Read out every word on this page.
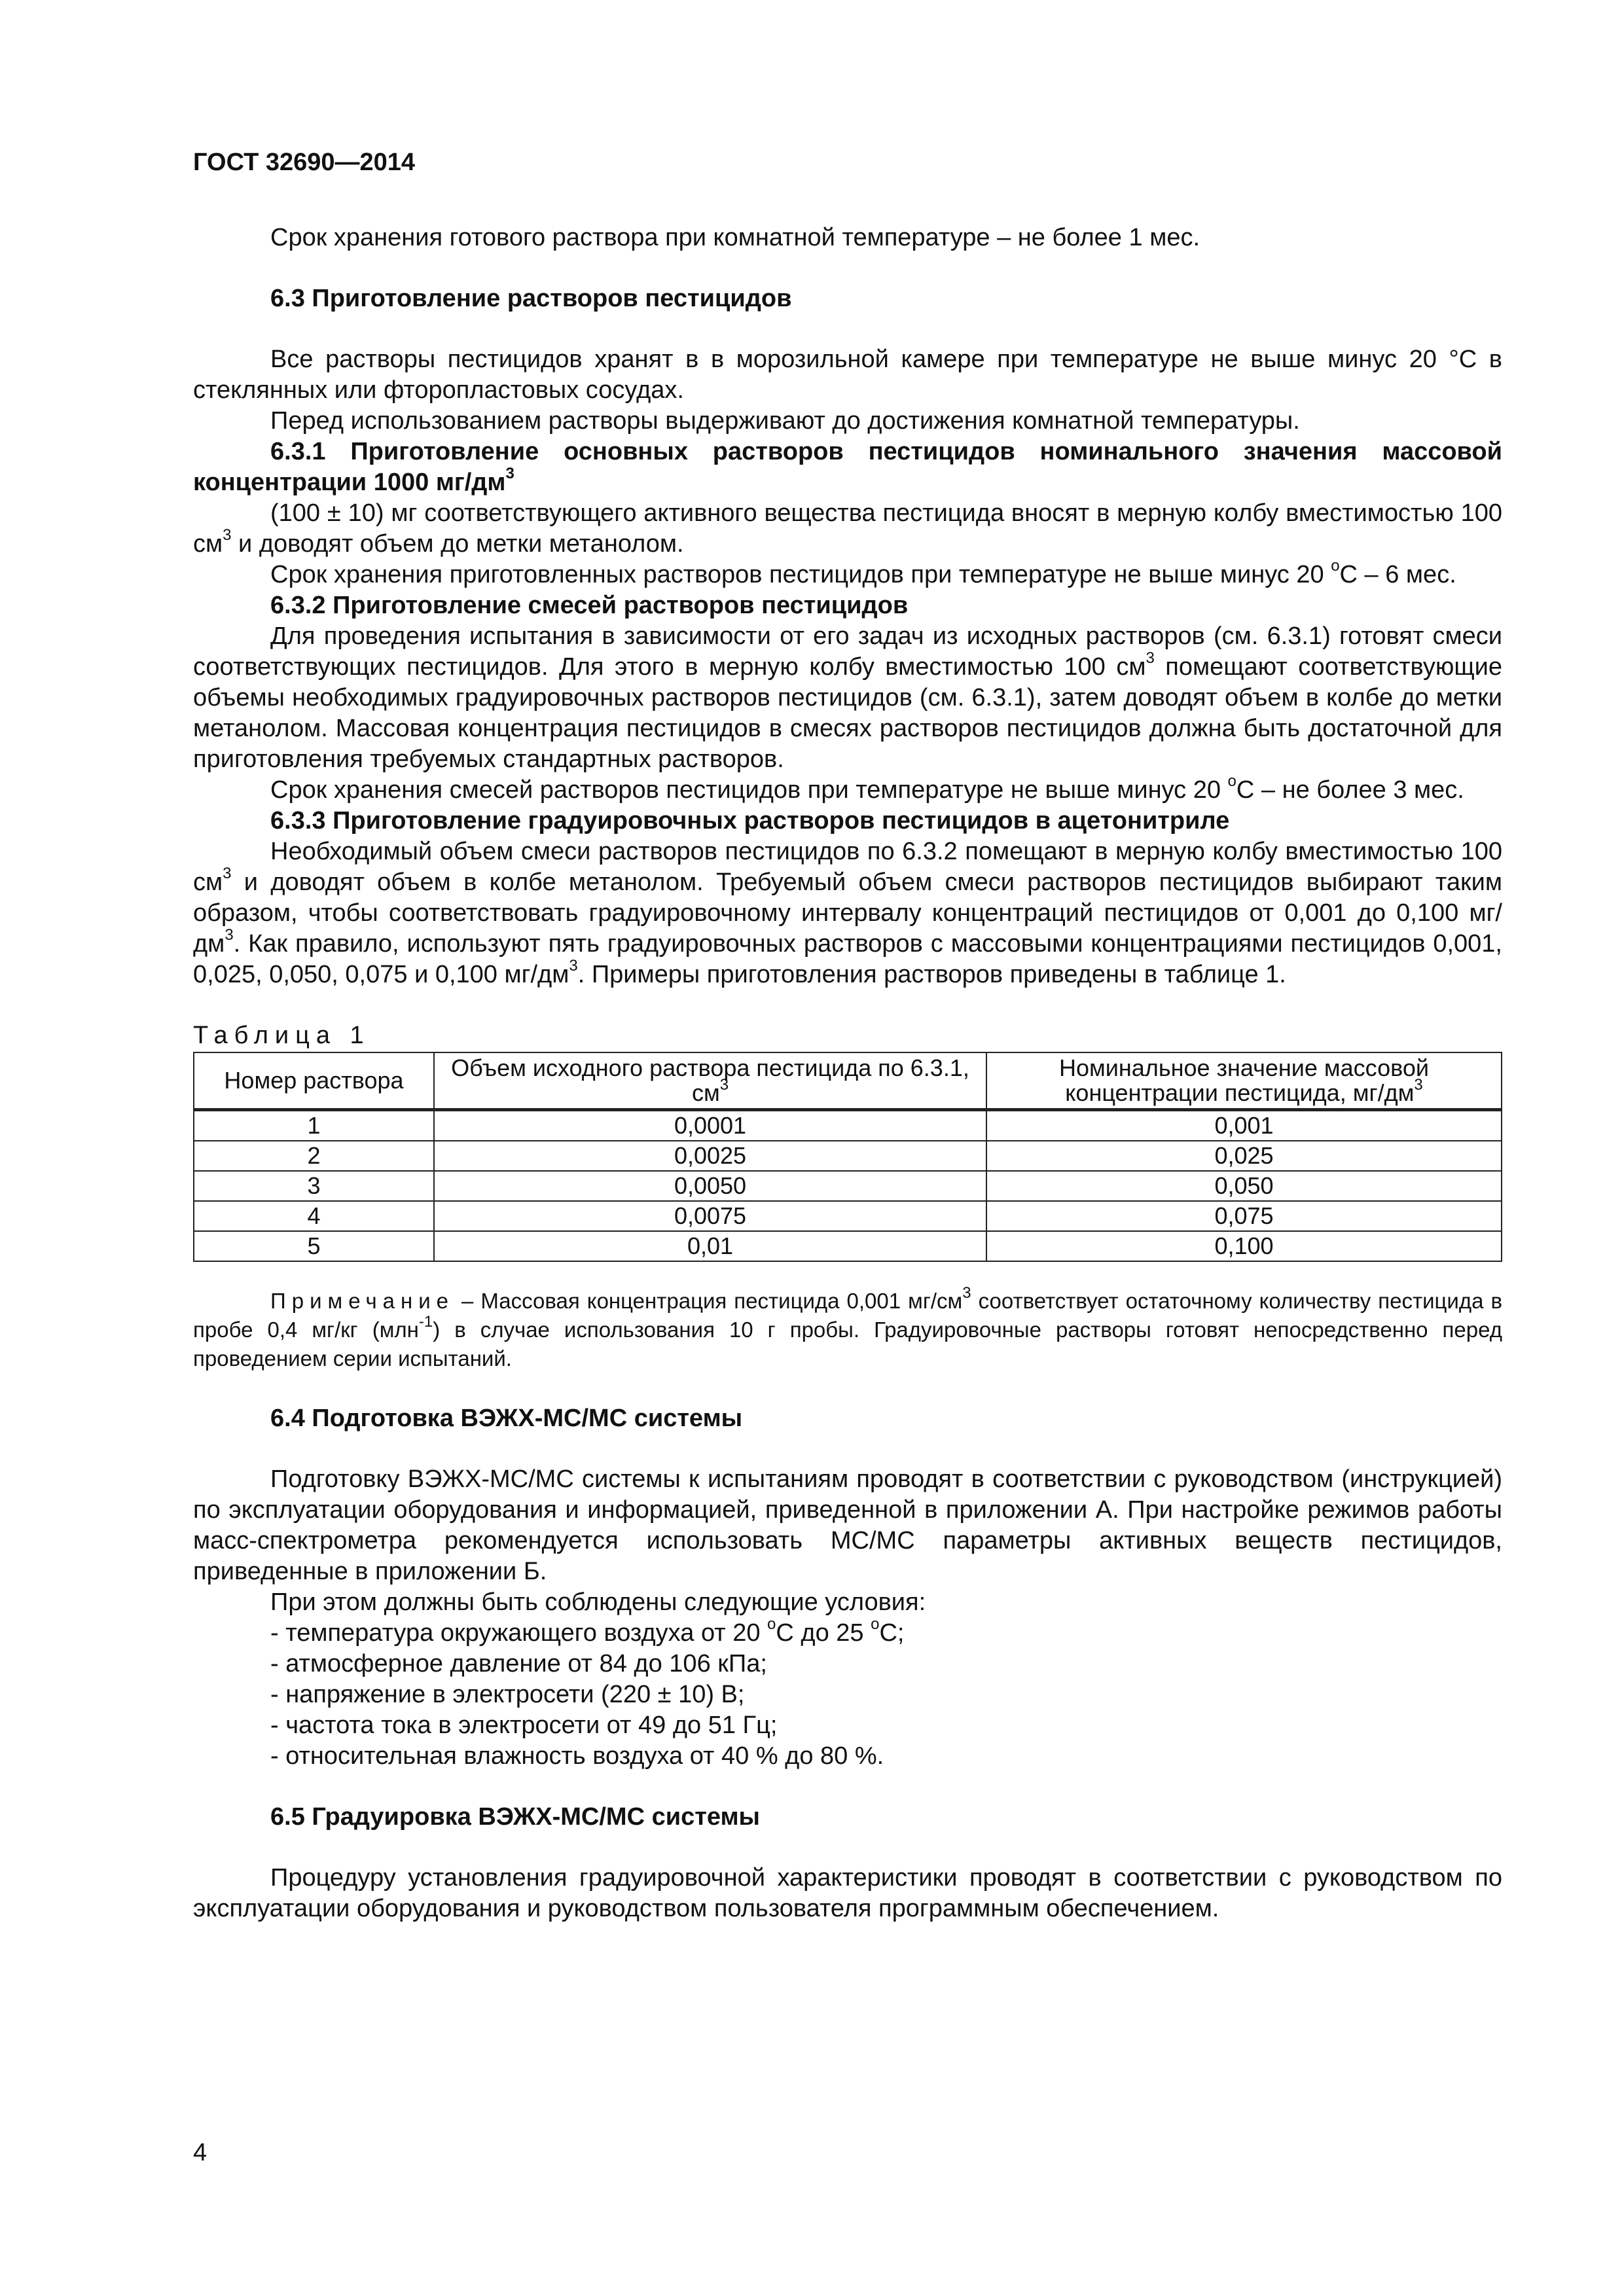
ГОСТ 32690—2014

Срок хранения готового раствора при комнатной температуре – не более 1 мес.

6.3 Приготовление растворов пестицидов

Все растворы пестицидов хранят в в морозильной камере при температуре не выше минус 20 °С в стеклянных или фторопластовых сосудах.

Перед использованием растворы выдерживают до достижения комнатной температуры.

6.3.1 Приготовление основных растворов пестицидов номинального значения массовой концентрации 1000 $мг/дм^3$

(100 ± 10) мг соответствующего активного вещества пестицида вносят в мерную колбу вместимостью 100 $см^3$ и доводят объем до метки метанолом.

Срок хранения приготовленных растворов пестицидов при температуре не выше минус 20 $^о$С – 6 мес.

6.3.2 Приготовление смесей растворов пестицидов

Для проведения испытания в зависимости от его задач из исходных растворов (см. 6.3.1) готовят смеси соответствующих пестицидов. Для этого в мерную колбу вместимостью 100 $см^3$ помещают соответствующие объемы необходимых градуировочных растворов пестицидов (см. 6.3.1), затем доводят объем в колбе до метки метанолом. Массовая концентрация пестицидов в смесях растворов пестицидов должна быть достаточной для приготовления требуемых стандартных растворов.

Срок хранения смесей растворов пестицидов при температуре не выше минус 20 $^о$С – не более 3 мес.

6.3.3 Приготовление градуировочных растворов пестицидов в ацетонитриле

Необходимый объем смеси растворов пестицидов по 6.3.2 помещают в мерную колбу вместимостью 100 $см^3$ и доводят объем в колбе метанолом. Требуемый объем смеси растворов пестицидов выбирают таким образом, чтобы соответствовать градуировочному интервалу концентраций пестицидов от 0,001 до 0,100 $мг/дм^3$. Как правило, используют пять градуировочных растворов с массовыми концентрациями пестицидов 0,001, 0,025, 0,050, 0,075 и 0,100 $мг/дм^3$. Примеры приготовления растворов приведены в таблице 1.

Таблица 1
Номер раствора	Объем исходного раствора пестицида по 6.3.1, $см^3$	Номинальное значение массовой концентрации пестицида, $мг/дм^3$
1	0,0001	0,001
2	0,0025	0,025
3	0,0050	0,050
4	0,0075	0,075
5	0,01	0,100

Примечание – Массовая концентрация пестицида 0,001 $мг/см^3$ соответствует остаточному количеству пестицида в пробе 0,4 мг/кг (млн$^{-1}$) в случае использования 10 г пробы. Градуировочные растворы готовят непосредственно перед проведением серии испытаний.

6.4 Подготовка ВЭЖХ-МС/МС системы

Подготовку ВЭЖХ-МС/МС системы к испытаниям проводят в соответствии с руководством (инструкцией) по эксплуатации оборудования и информацией, приведенной в приложении А. При настройке режимов работы масс-спектрометра рекомендуется использовать МС/МС параметры активных веществ пестицидов, приведенные в приложении Б.

При этом должны быть соблюдены следующие условия:

- температура окружающего воздуха от 20 $^о$С до 25 $^о$С;

- атмосферное давление от 84 до 106 кПа;

- напряжение в электросети (220 ± 10) В;

- частота тока в электросети от 49 до 51 Гц;

- относительная влажность воздуха от 40 % до 80 %.

6.5 Градуировка ВЭЖХ-МС/МС системы

Процедуру установления градуировочной характеристики проводят в соответствии с руководством по эксплуатации оборудования и руководством пользователя программным обеспечением.

4
